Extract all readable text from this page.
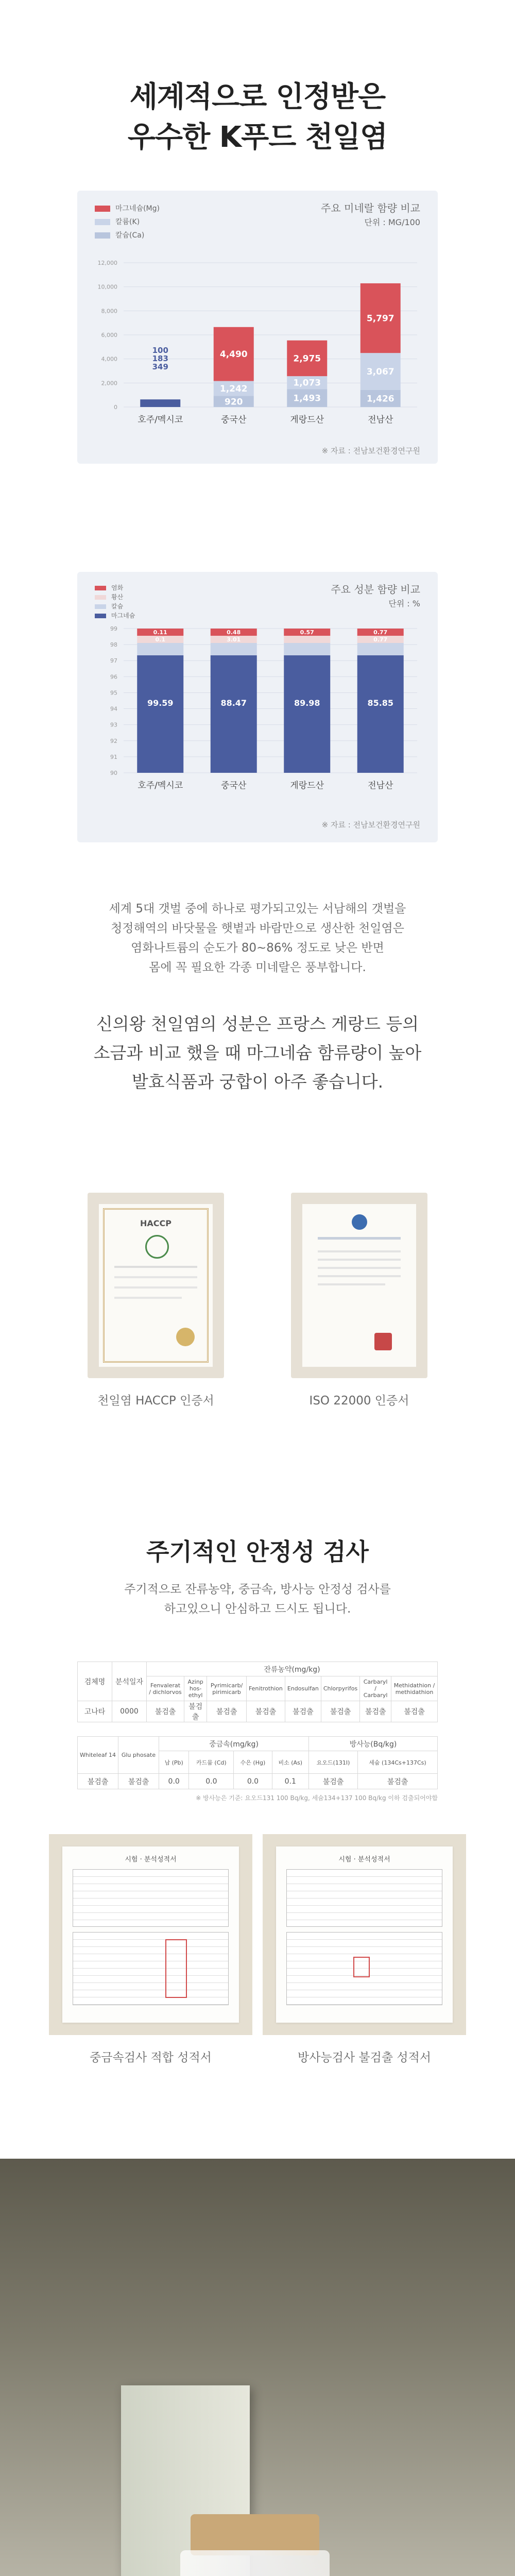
세계적으로 인정받은
우수한 K푸드 천일염
마그네슘(Mg)
칼륨(K)
칼슘(Ca)
주요 미네랄 함량 비교
단위 : MG/100
12,000
10,000
8,000
6,000
4,000
2,000
0
349
183
100
호주/멕시코
920
1,242
4,490
중국산
1,493
1,073
2,975
게랑드산
1,426
3,067
5,797
전남산
※ 자료 : 전남보건환경연구원
염화
황산
칼슘
마그네슘
주요 성분 함량 비교
단위 : %
99
98
97
96
95
94
93
92
91
90
0.11
0.1
99.59
호주/멕시코
0.48
3.01
88.47
중국산
0.57
89.98
게랑드산
0.77
0.77
85.85
전남산
※ 자료 : 전남보건환경연구원
세계 5대 갯벌 중에 하나로 평가되고있는 서남해의 갯벌을
청정해역의 바닷물을 햇볕과 바람만으로 생산한 천일염은
염화나트륨의 순도가 80~86% 정도로 낮은 반면
몸에 꼭 필요한 각종 미네랄은 풍부합니다.
신의왕 천일염의 성분은 프랑스 게랑드 등의
소금과 비교 했을 때 마그네슘 함류량이 높아
발효식품과 궁합이 아주 좋습니다.
HACCP
천일염 HACCP 인증서	ISO 22000 인증서
주기적인 안정성 검사
주기적으로 잔류농약, 중금속, 방사능 안정성 검사를
하고있으니 안심하고 드시도 됩니다.
검체명	분석일자	잔류농약(mg/kg)							
		Fenvalerat / dichlorvos	Azinp hos-ethyl	Pyrimicarb/ pirimicarb	Fenitrothion	Endosulfan	Chlorpyrifos	Carbaryl / Carbaryl	Methidathion / methidathion
고나타	0000	불검출	불검출	불검출	불검출	불검출	불검출	불검출	불검출
Whiteleaf 14	Glu phosate	중금속(mg/kg)				방사능(Bq/kg)	
		납 (Pb)	카드뮴 (Cd)	수은 (Hg)	비소 (As)	요오드(131I)	세슘 (134Cs+137Cs)
불검출	불검출	0.0	0.0	0.0	0.1	불검출	불검출
※ 방사능은 기준: 요오드131 100 Bq/kg, 세슘134+137 100 Bq/kg 이하 검출되어야합
시험 · 분석성적서
중금속검사 적합 성적서
시험 · 분석성적서
방사능검사 불검출 성적서
